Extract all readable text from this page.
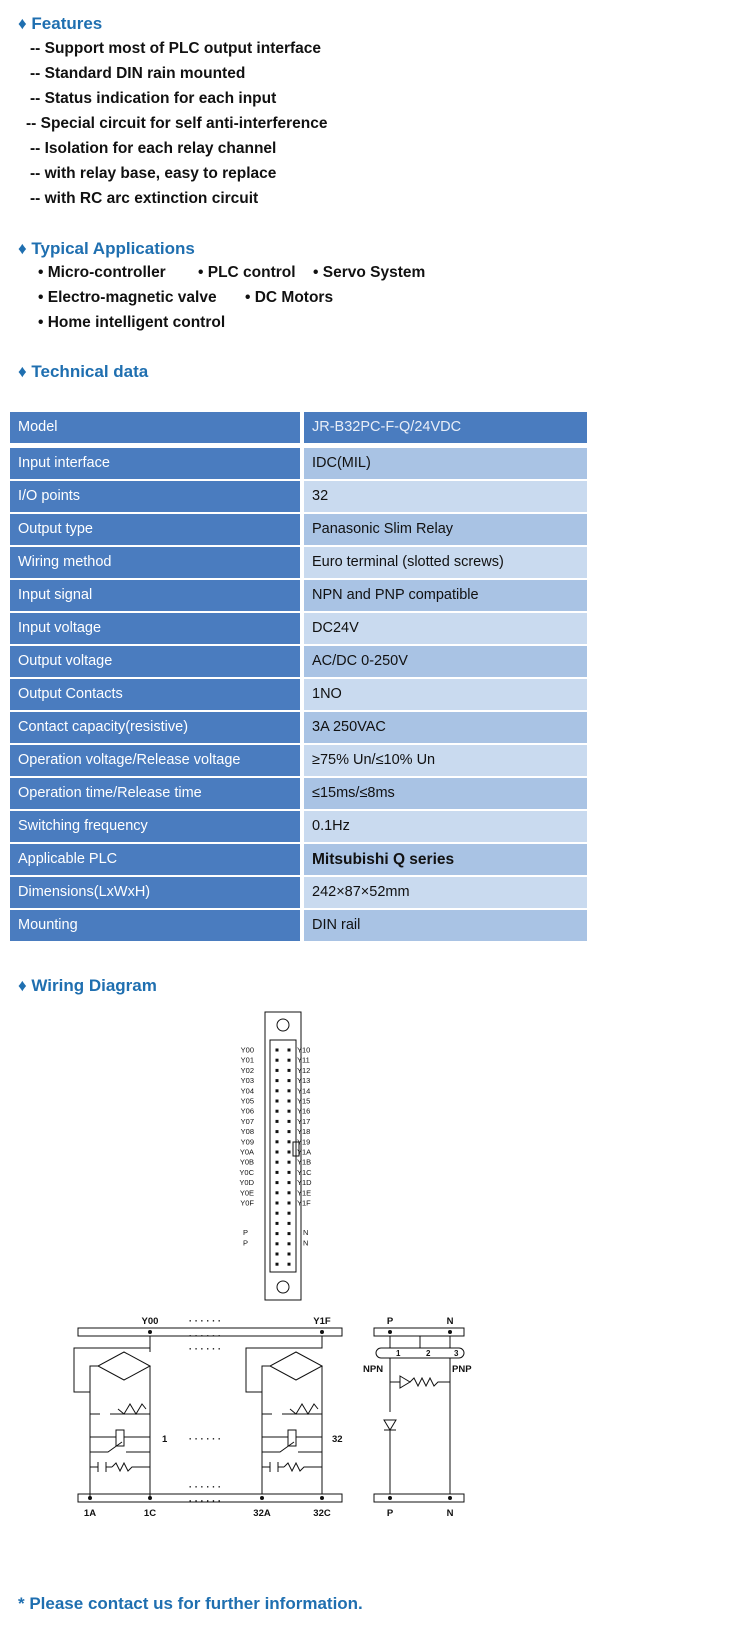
♦ Features
-- Support most of PLC output interface
-- Standard DIN rain mounted
-- Status indication for each input
-- Special circuit for self anti-interference
-- Isolation for each relay channel
-- with relay base, easy to replace
-- with RC arc extinction circuit
♦ Typical Applications
• Micro-controller • PLC control • Servo System
• Electro-magnetic valve • DC Motors
• Home intelligent control
♦ Technical data
Model	JR-B32PC-F-Q/24VDC
Input interface	IDC(MIL)
I/O points	32
Output type	Panasonic Slim Relay
Wiring method	Euro terminal (slotted screws)
Input signal	NPN and PNP compatible
Input voltage	DC24V
Output voltage	AC/DC 0-250V
Output Contacts	1NO
Contact capacity(resistive)	3A 250VAC
Operation voltage/Release voltage	≥75% Un/≤10% Un
Operation time/Release time	≤15ms/≤8ms
Switching frequency	0.1Hz
Applicable PLC	Mitsubishi Q series
Dimensions(LxWxH)	242×87×52mm
Mounting	DIN rail
♦ Wiring Diagram
Y00
Y01
Y02
Y03
Y04
Y05
Y06
Y07
Y08
Y09
Y0A
Y0B
Y0C
Y0D
Y0E
Y0F
P
P
Y10
Y11
Y12
Y13
Y14
Y15
Y16
Y17
Y18
Y19
Y1A
Y1B
Y1C
Y1D
Y1E
Y1F
N
N
Y00	Y1F	P	N
· · · · · ·
· · · · · ·
· · · · · ·
· · · · · ·
· · · · · ·
· · · · · ·
1	32
1A	1C	32A	32C	P	N
NPN	PNP
1	2	3
* Please contact us for further information.
